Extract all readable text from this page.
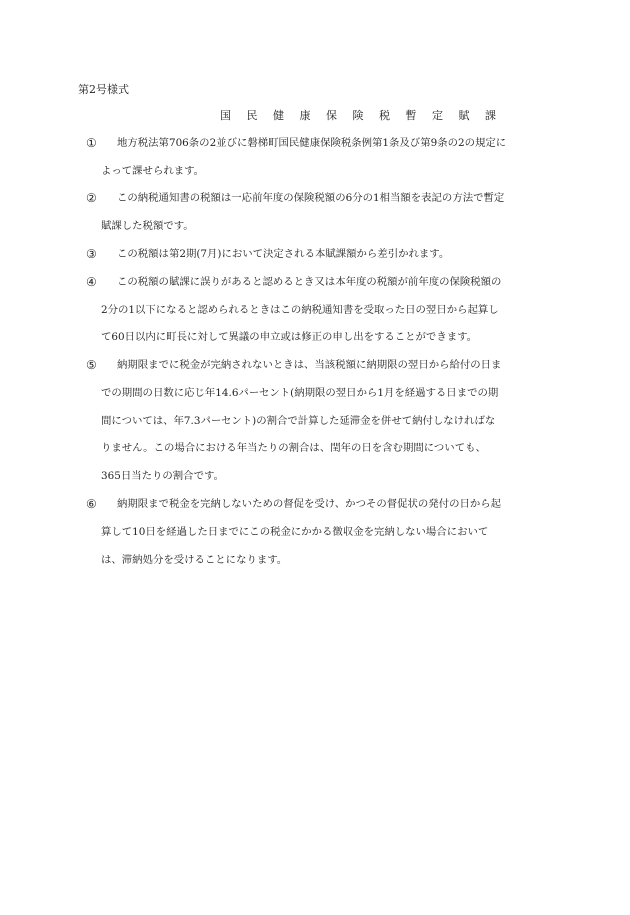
第2号様式
国 民 健 康 保 険 税 暫 定 賦 課
① 地方税法第706条の2並びに磐梯町国民健康保険税条例第1条及び第9条の2の規定に
よって課せられます。
② この納税通知書の税額は一応前年度の保険税額の6分の1相当額を表記の方法で暫定
賦課した税額です。
③ この税額は第2期(7月)において決定される本賦課額から差引かれます。
④ この税額の賦課に誤りがあると認めるとき又は本年度の税額が前年度の保険税額の
2分の1以下になると認められるときはこの納税通知書を受取った日の翌日から起算し
て60日以内に町長に対して異議の申立或は修正の申し出をすることができます。
⑤ 納期限までに税金が完納されないときは、当該税額に納期限の翌日から給付の日ま
での期間の日数に応じ年14.6パーセント(納期限の翌日から1月を経過する日までの期
間については、年7.3パーセント)の割合で計算した延滞金を併せて納付しなければな
りません。この場合における年当たりの割合は、閏年の日を含む期間についても、
365日当たりの割合です。
⑥ 納期限まで税金を完納しないための督促を受け、かつその督促状の発付の日から起
算して10日を経過した日までにこの税金にかかる徴収金を完納しない場合において
は、滞納処分を受けることになります。
